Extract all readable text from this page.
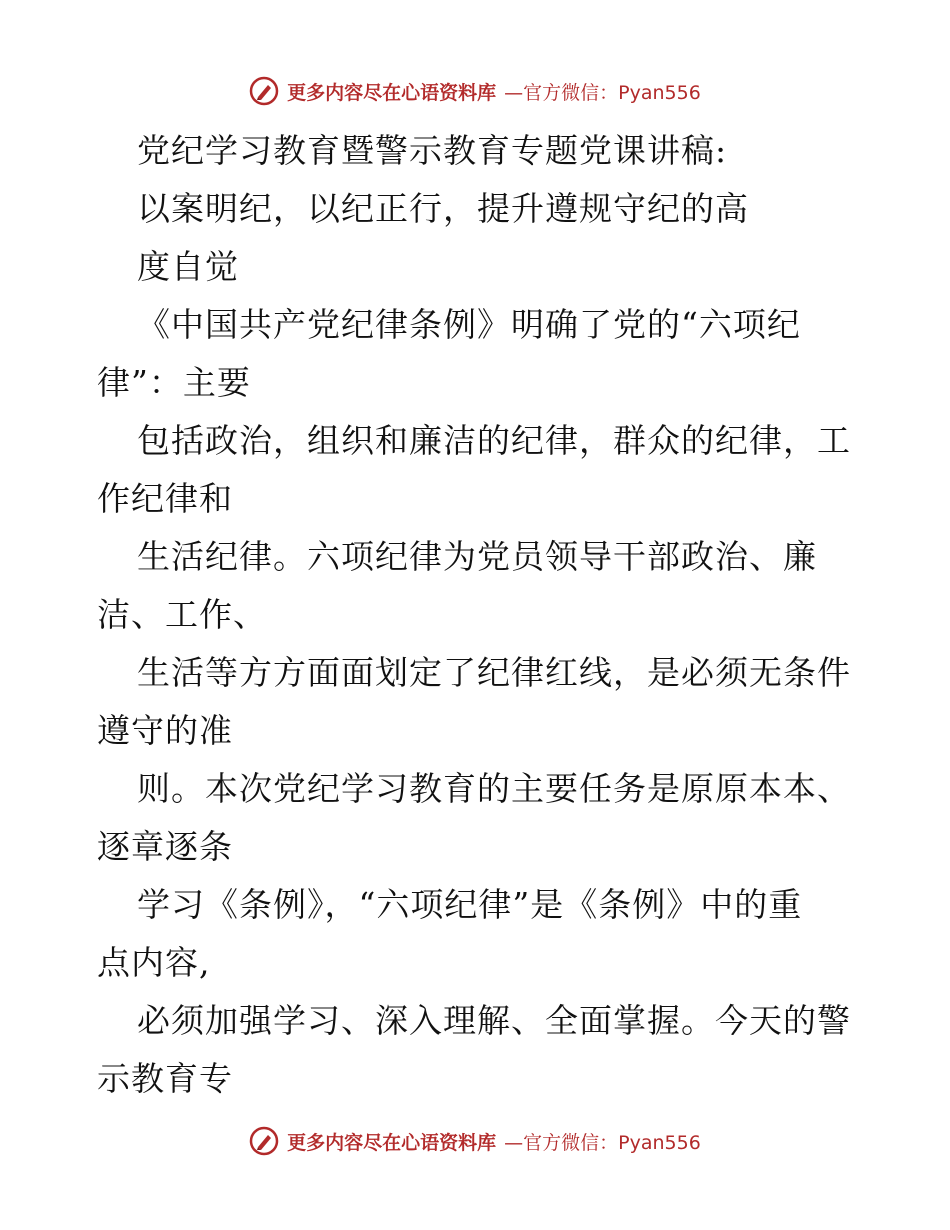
更多内容尽在心语资料库 —官方微信：Pyan556
党纪学习教育暨警示教育专题党课讲稿:
以案明纪，以纪正行，提升遵规守纪的高
度自觉
《中国共产党纪律条例》明确了党的“六项纪
律”：主要
包括政治，组织和廉洁的纪律，群众的纪律，工
作纪律和
生活纪律。六项纪律为党员领导干部政治、廉
洁、工作、
生活等方方面面划定了纪律红线，是必须无条件
遵守的准
则。本次党纪学习教育的主要任务是原原本本、
逐章逐条
学习《条例》，“六项纪律”是《条例》中的重
点内容,
必须加强学习、深入理解、全面掌握。今天的警
示教育专
更多内容尽在心语资料库 —官方微信：Pyan556
